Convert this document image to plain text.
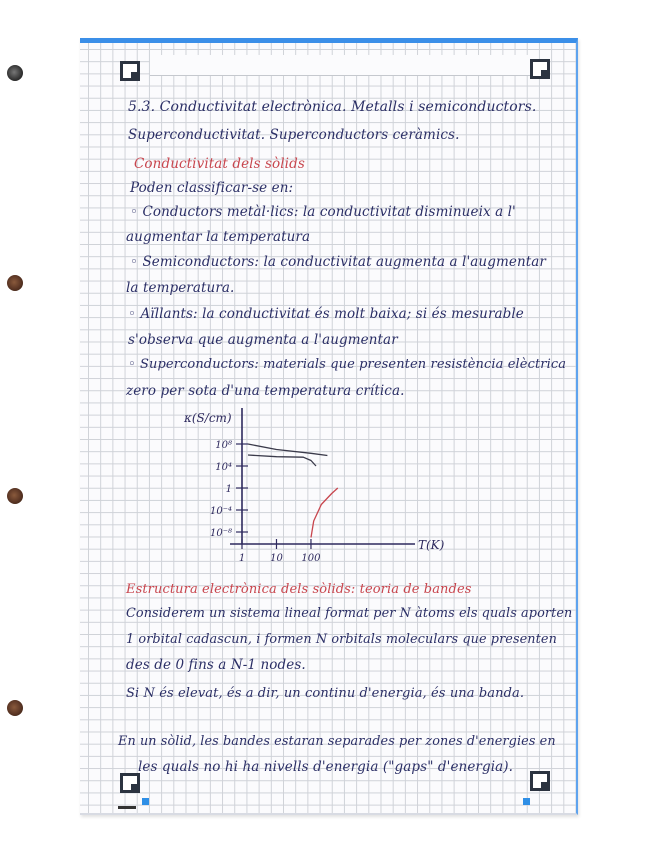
5.3. Conductivitat electrònica. Metalls i semiconductors.
Superconductivitat. Superconductors ceràmics.
Conductivitat dels sòlids
Poden classificar-se en:
◦ Conductors metàl·lics: la conductivitat disminueix a l'
augmentar la temperatura
◦ Semiconductors: la conductivitat augmenta a l'augmentar
la temperatura.
◦ Aïllants: la conductivitat és molt baixa; si és mesurable
s'observa que augmenta a l'augmentar
◦ Superconductors: materials que presenten resistència elèctrica
zero per sota d'una temperatura crítica.
Estructura electrònica dels sòlids: teoria de bandes
Considerem un sistema lineal format per N àtoms els quals aporten
1 orbital cadascun, i formen N orbitals moleculars que presenten
des de 0 fins a N-1 nodes.
Si N és elevat, és a dir, un continu d'energia, és una banda.
En un sòlid, les bandes estaran separades per zones d'energies en
les quals no hi ha nivells d'energia ("gaps" d'energia).
κ(S/cm)
T(K)
10⁸
10⁴
1
10⁻⁴
10⁻⁸
1 10 100
